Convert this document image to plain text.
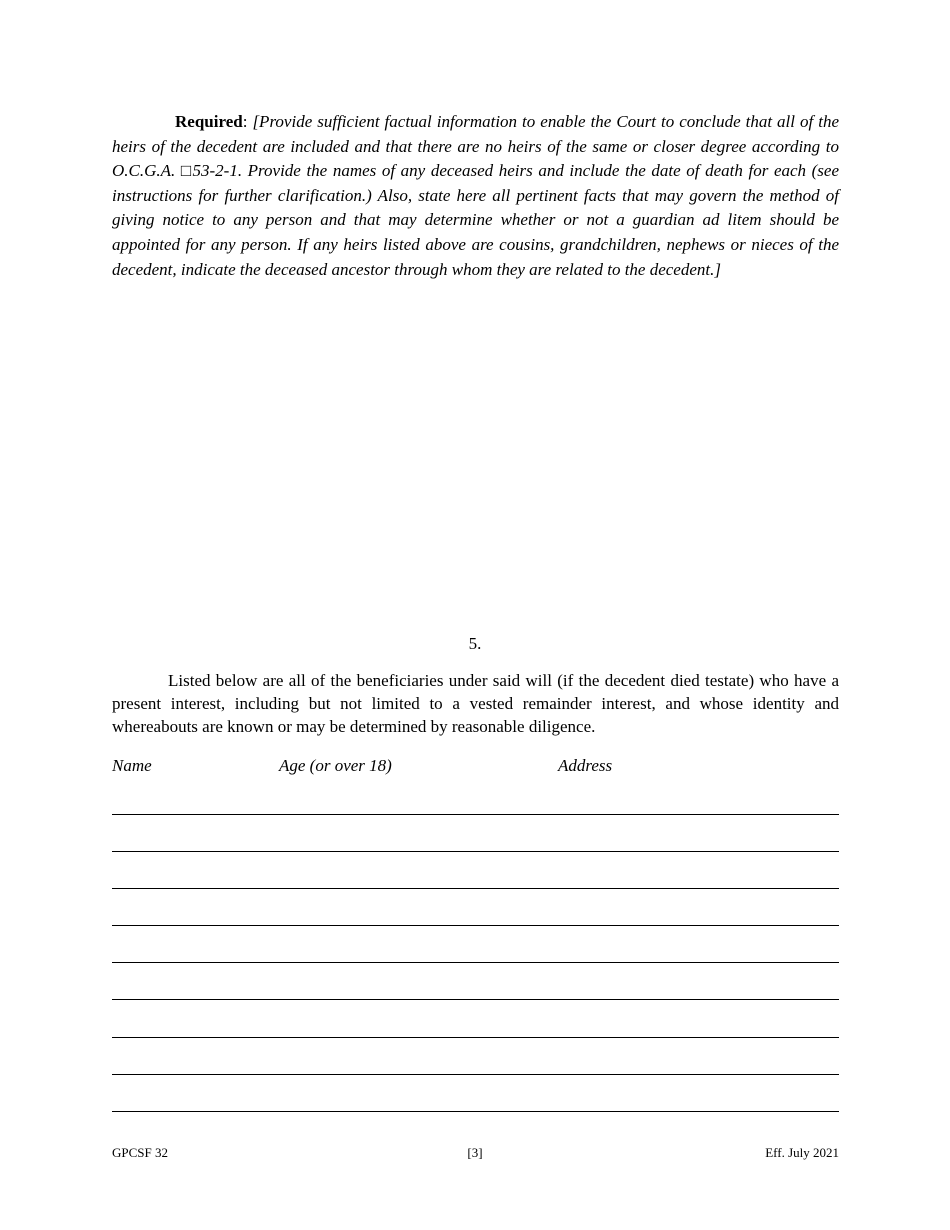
Required: [Provide sufficient factual information to enable the Court to conclude that all of the heirs of the decedent are included and that there are no heirs of the same or closer degree according to O.C.G.A. □53-2-1. Provide the names of any deceased heirs and include the date of death for each (see instructions for further clarification.) Also, state here all pertinent facts that may govern the method of giving notice to any person and that may determine whether or not a guardian ad litem should be appointed for any person. If any heirs listed above are cousins, grandchildren, nephews or nieces of the decedent, indicate the deceased ancestor through whom they are related to the decedent.]
5.
Listed below are all of the beneficiaries under said will (if the decedent died testate) who have a present interest, including but not limited to a vested remainder interest, and whose identity and whereabouts are known or may be determined by reasonable diligence.
Name	Age (or over 18)	Address
GPCSF 32	[3]	Eff. July 2021
